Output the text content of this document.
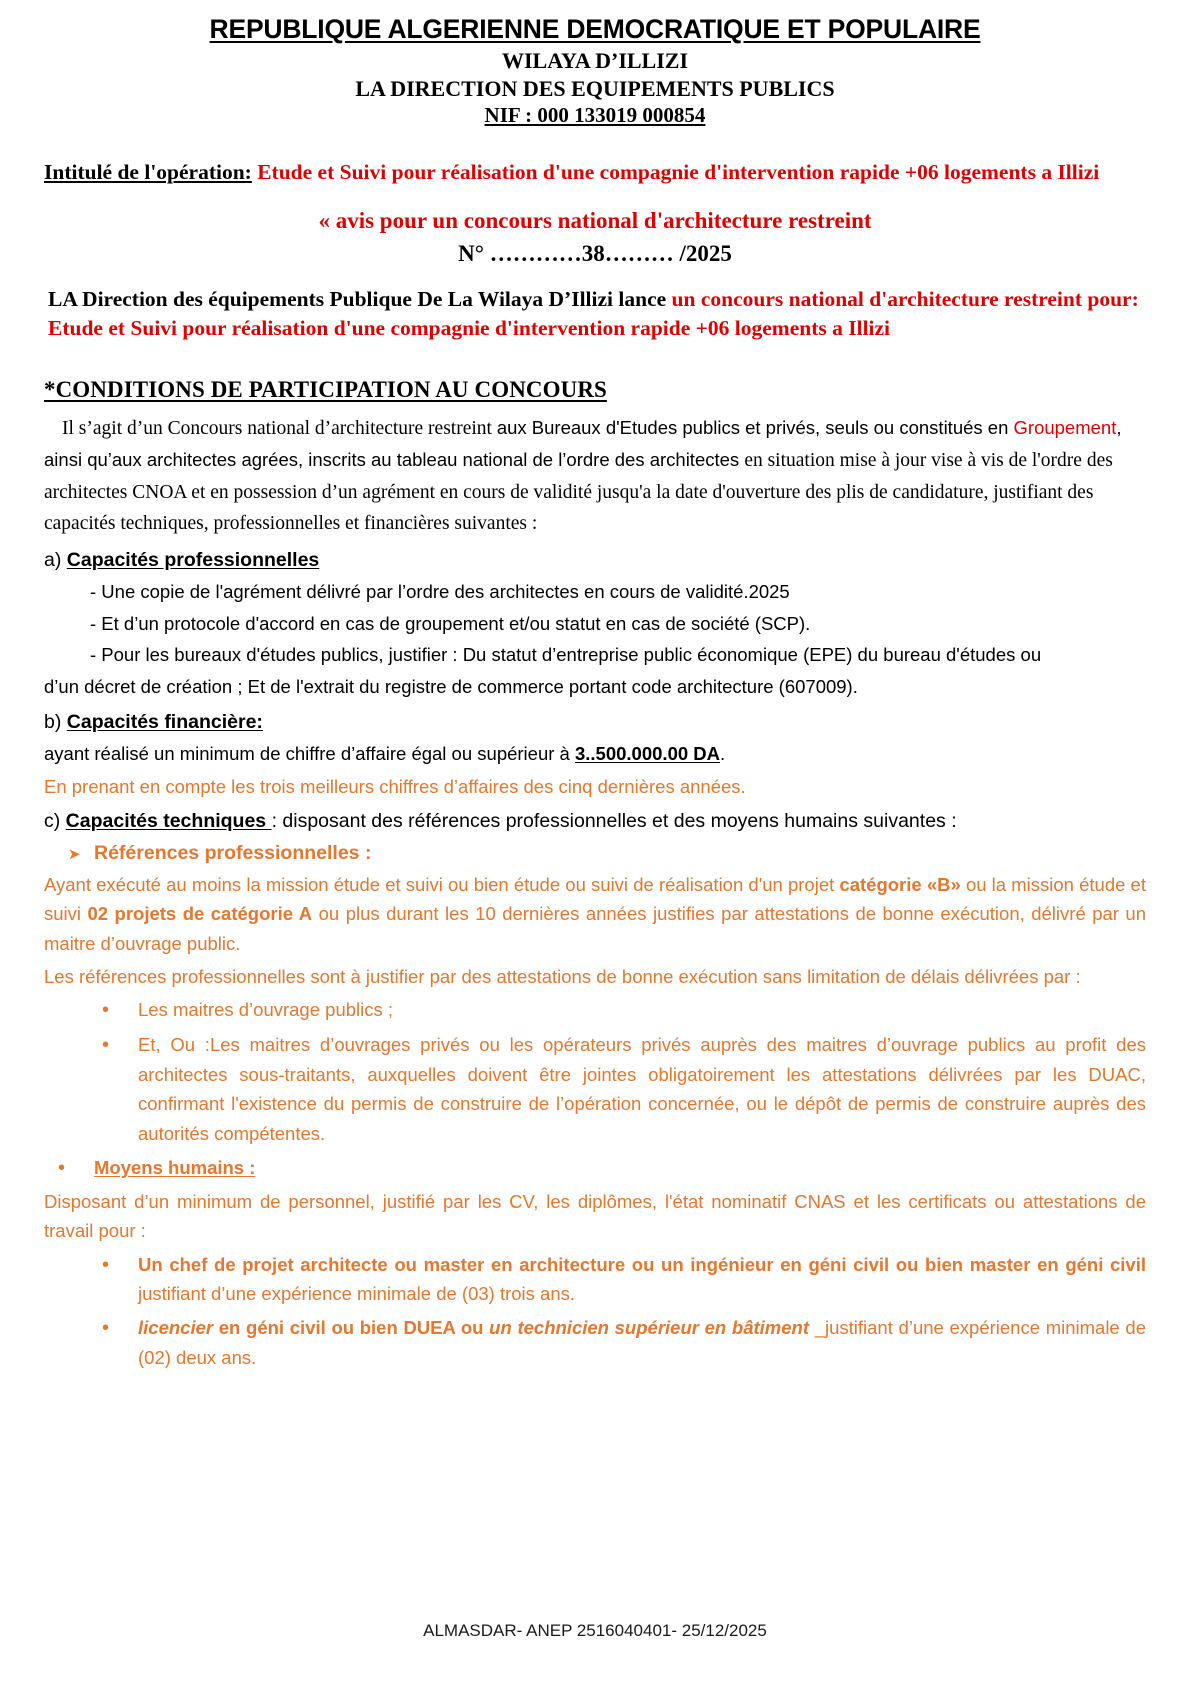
REPUBLIQUE ALGERIENNE DEMOCRATIQUE ET POPULAIRE
WILAYA D’ILLIZI
LA DIRECTION DES EQUIPEMENTS PUBLICS
NIF : 000 133019 000854
Intitulé de l'opération: Etude et Suivi pour réalisation d'une compagnie d'intervention rapide +06 logements a Illizi
« avis pour un concours national d'architecture restreint
N° …………38……… /2025
LA Direction des équipements Publique De La Wilaya D’Illizi lance un concours national d'architecture restreint pour: Etude et Suivi pour réalisation d'une compagnie d'intervention rapide +06 logements a Illizi
*CONDITIONS DE PARTICIPATION AU CONCOURS
Il s’agit d’un Concours national d’architecture restreint aux Bureaux d'Etudes publics et privés, seuls ou constitués en Groupement, ainsi qu’aux architectes agrées, inscrits au tableau national de l’ordre des architectes en situation mise à jour vise à vis de l'ordre des architectes CNOA et en possession d’un agrément en cours de validité jusqu'a la date d'ouverture des plis de candidature, justifiant des capacités techniques, professionnelles et financières suivantes :
a) Capacités professionnelles
- Une copie de l'agrément délivré par l’ordre des architectes en cours de validité.2025
- Et d’un protocole d'accord en cas de groupement et/ou statut en cas de société (SCP).
- Pour les bureaux d'études publics, justifier : Du statut d’entreprise public économique (EPE) du bureau d'études ou
d’un décret de création ; Et de l'extrait du registre de commerce portant code architecture (607009).
b) Capacités financière:
ayant réalisé un minimum de chiffre d’affaire égal ou supérieur à 3..500.000.00 DA.
En prenant en compte les trois meilleurs chiffres d’affaires des cinq dernières années.
c) Capacités techniques : disposant des références professionnelles et des moyens humains suivantes :
➤ Références professionnelles :
Ayant exécuté au moins la mission étude et suivi ou bien étude ou suivi de réalisation d'un projet catégorie «B» ou la mission étude et suivi 02 projets de catégorie A ou plus durant les 10 dernières années justifies par attestations de bonne exécution, délivré par un maitre d’ouvrage public.
Les références professionnelles sont à justifier par des attestations de bonne exécution sans limitation de délais délivrées par :
•	Les maitres d’ouvrage publics ;
•	Et, Ou :Les maitres d’ouvrages privés ou les opérateurs privés auprès des maitres d’ouvrage publics au profit des architectes sous-traitants, auxquelles doivent être jointes obligatoirement les attestations délivrées par les DUAC, confirmant l'existence du permis de construire de l’opération concernée, ou le dépôt de permis de construire auprès des autorités compétentes.
•	Moyens humains :
Disposant d’un minimum de personnel, justifié par les CV, les diplômes, l'état nominatif CNAS et les certificats ou attestations de travail pour :
•	Un chef de projet architecte ou master en architecture ou un ingénieur en géni civil ou bien master en géni civil justifiant d’une expérience minimale de (03) trois ans.
•	licencier en géni civil ou bien DUEA ou un technicien supérieur en bâtiment _justifiant d’une expérience minimale de (02) deux ans.
ALMASDAR- ANEP 2516040401- 25/12/2025
